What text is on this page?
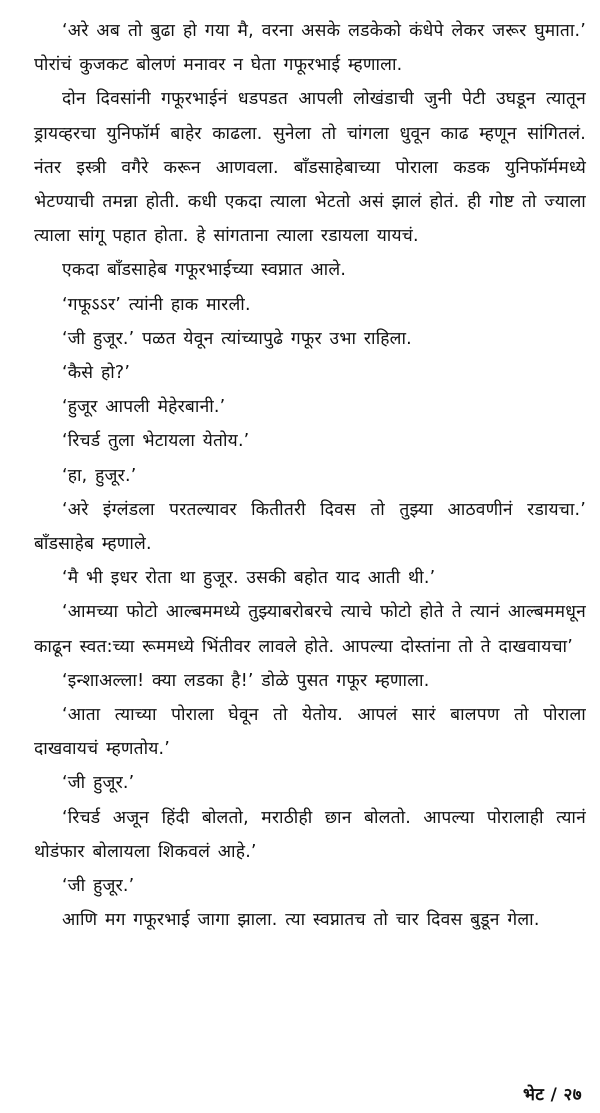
‘अरे अब तो बुढा हो गया मै, वरना असके लडकेको कंधेपे लेकर जरूर घुमाता.’ पोरांचं कुजकट बोलणं मनावर न घेता गफूरभाई म्हणाला.

दोन दिवसांनी गफूरभाईनं धडपडत आपली लोखंडाची जुनी पेटी उघडून त्यातून ड्रायव्हरचा युनिफॉर्म बाहेर काढला. सुनेला तो चांगला धुवून काढ म्हणून सांगितलं. नंतर इस्त्री वगैरे करून आणवला. बाँडसाहेबाच्या पोराला कडक युनिफॉर्ममध्ये भेटण्याची तमन्ना होती. कधी एकदा त्याला भेटतो असं झालं होतं. ही गोष्ट तो ज्याला त्याला सांगू पहात होता. हे सांगताना त्याला रडायला यायचं.

एकदा बाँडसाहेब गफूरभाईच्या स्वप्नात आले.

‘गफूऽऽर’ त्यांनी हाक मारली.

‘जी हुजूर.’ पळत येवून त्यांच्यापुढे गफूर उभा राहिला.

‘कैसे हो?’

‘हुजूर आपली मेहेरबानी.’

‘रिचर्ड तुला भेटायला येतोय.’

‘हा, हुजूर.’

‘अरे इंग्लंडला परतल्यावर कितीतरी दिवस तो तुझ्या आठवणीनं रडायचा.’ बाँडसाहेब म्हणाले.

‘मै भी इधर रोता था हुजूर. उसकी बहोत याद आती थी.’

‘आमच्या फोटो आल्बममध्ये तुझ्याबरोबरचे त्याचे फोटो होते ते त्यानं आल्बममधून काढून स्वत:च्या रूममध्ये भिंतीवर लावले होते. आपल्या दोस्तांना तो ते दाखवायचा’

‘इन्शाअल्ला! क्या लडका है!’ डोळे पुसत गफूर म्हणाला.

‘आता त्याच्या पोराला घेवून तो येतोय. आपलं सारं बालपण तो पोराला दाखवायचं म्हणतोय.’

‘जी हुजूर.’

‘रिचर्ड अजून हिंदी बोलतो, मराठीही छान बोलतो. आपल्या पोरालाही त्यानं थोडंफार बोलायला शिकवलं आहे.’

‘जी हुजूर.’

आणि मग गफूरभाई जागा झाला. त्या स्वप्नातच तो चार दिवस बुडून गेला.

भेट / २७
